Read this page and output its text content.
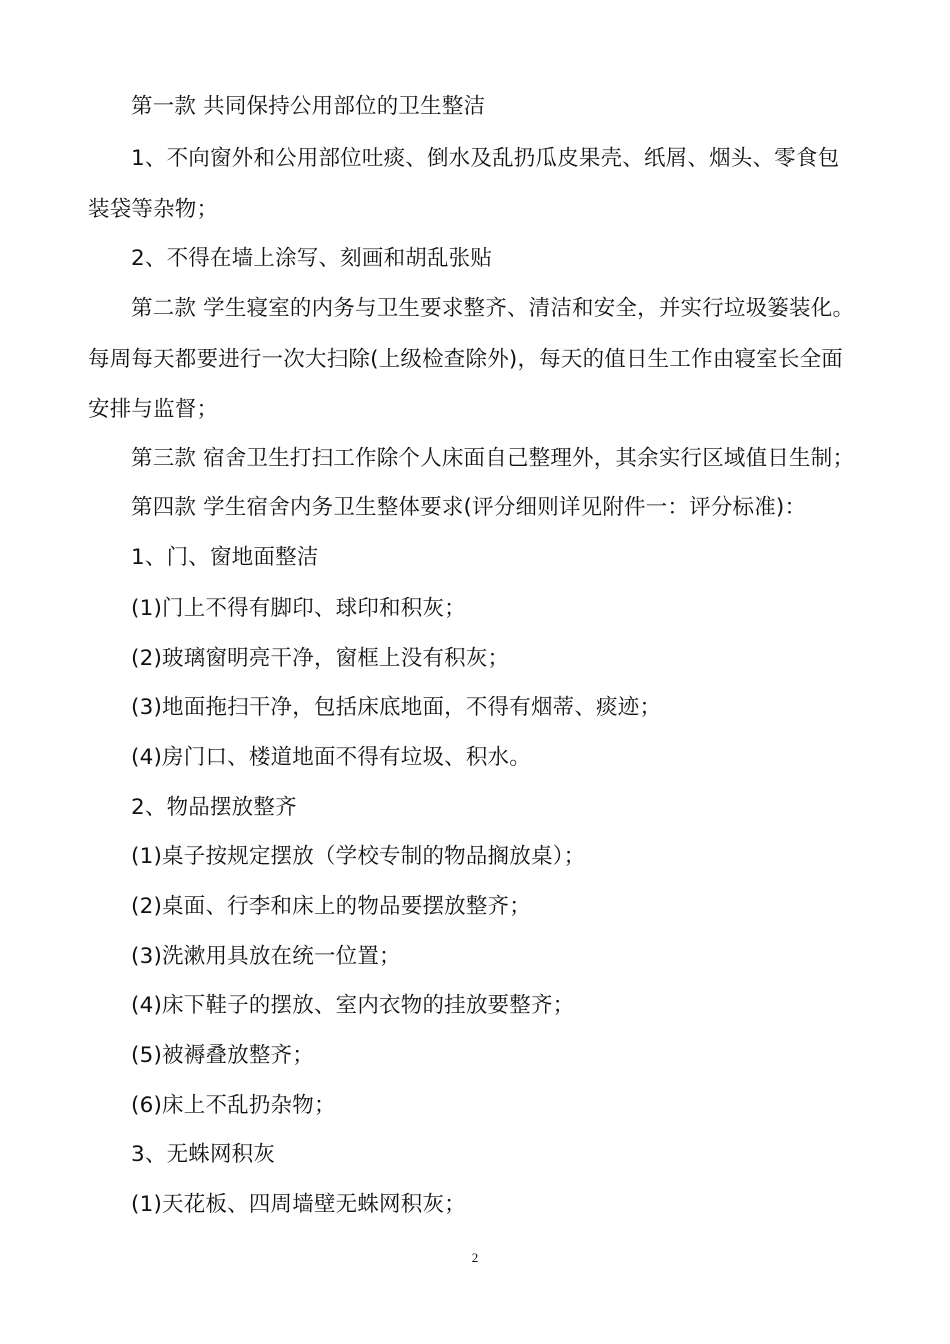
第一款 共同保持公用部位的卫生整洁
1、不向窗外和公用部位吐痰、倒水及乱扔瓜皮果壳、纸屑、烟头、零食包
装袋等杂物；
2、不得在墙上涂写、刻画和胡乱张贴
第二款 学生寝室的内务与卫生要求整齐、清洁和安全，并实行垃圾篓装化。
每周每天都要进行一次大扫除(上级检查除外)，每天的值日生工作由寝室长全面
安排与监督；
第三款 宿舍卫生打扫工作除个人床面自己整理外，其余实行区域值日生制；
第四款 学生宿舍内务卫生整体要求(评分细则详见附件一：评分标准)：
1、门、窗地面整洁
(1)门上不得有脚印、球印和积灰；
(2)玻璃窗明亮干净，窗框上没有积灰；
(3)地面拖扫干净，包括床底地面，不得有烟蒂、痰迹；
(4)房门口、楼道地面不得有垃圾、积水。
2、物品摆放整齐
(1)桌子按规定摆放（学校专制的物品搁放桌）；
(2)桌面、行李和床上的物品要摆放整齐；
(3)洗漱用具放在统一位置；
(4)床下鞋子的摆放、室内衣物的挂放要整齐；
(5)被褥叠放整齐；
(6)床上不乱扔杂物；
3、无蛛网积灰
(1)天花板、四周墙壁无蛛网积灰；
2
